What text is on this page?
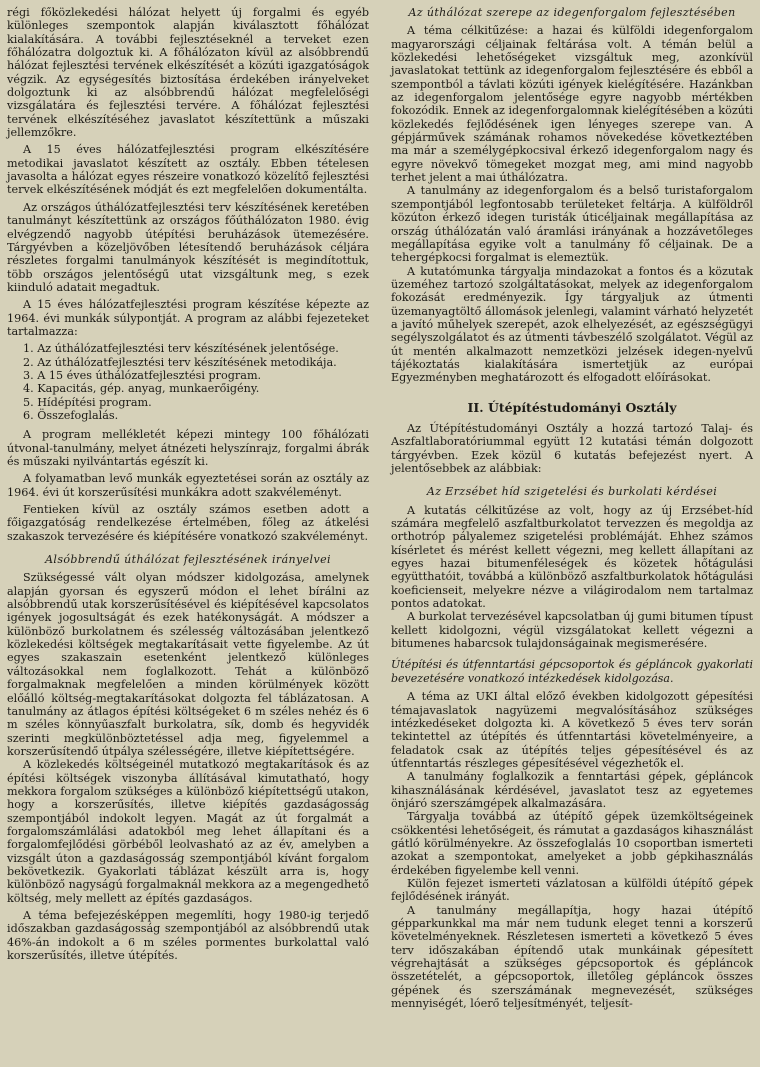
régi főközlekedési hálózat helyett új forgalmi és egyéb különleges szempontok alapján kiválasztott főhálózat kialakítására. A további fejlesztéseknél a terveket ezen főhálózatra dolgoztuk ki. A főhálózaton kívül az alsóbbrendű hálózat fejlesztési tervének elkészítését a közúti igazgatóságok végzik. Az egységesítés biztosítása érdekében irányelveket dolgoztunk ki az alsóbbrendű hálózat megfelelőségi vizsgálatára és fejlesztési tervére. A főhálózat fejlesztési tervének elkészítéséhez javaslatot készítettünk a műszaki jellemzőkre.

A 15 éves hálózatfejlesztési program elkészítésére metodikai javaslatot készített az osztály. Ebben tételesen javasolta a hálózat egyes részeire vonatkozó közelítő fejlesztési tervek elkészítésének módját és ezt megfelelően dokumentálta.

Az országos úthálózatfejlesztési terv készítésének keretében tanulmányt készítettünk az országos főúthálózaton 1980. évig elvégzendő nagyobb útépítési beruházások ütemezésére. Tárgyévben a közeljövőben létesítendő beruházások céljára részletes forgalmi tanulmányok készítését is megindítottuk, több országos jelentőségű utat vizsgáltunk meg, s ezek kiinduló adatait megadtuk.

A 15 éves hálózatfejlesztési program készítése képezte az 1964. évi munkák súlypontját. A program az alábbi fejezeteket tartalmazza:

1. Az úthálózatfejlesztési terv készítésének jelentősége.
2. Az úthálózatfejlesztési terv készítésének metodikája.
3. A 15 éves úthálózatfejlesztési program.
4. Kapacitás, gép. anyag, munkaerőigény.
5. Hídépítési program.
6. Összefoglalás.

A program mellékletét képezi mintegy 100 főhálózati útvonal-tanulmány, melyet átnézeti helyszínrajz, forgalmi ábrák és műszaki nyilvántartás egészít ki.

A folyamatban levő munkák egyeztetései során az osztály az 1964. évi út korszerűsítési munkákra adott szakvéleményt.

Fentieken kívül az osztály számos esetben adott a főigazgatóság rendelkezése értelmében, főleg az átkelési szakaszok tervezésére és kiépítésére vonatkozó szakvéleményt.

Alsóbbrendű úthálózat fejlesztésének irányelvei

Szükségessé vált olyan módszer kidolgozása, amelynek alapján gyorsan és egyszerű módon el lehet bírálni az alsóbbrendű utak korszerűsítésével és kiépítésével kapcsolatos igények jogosultságát és ezek hatékonyságát. A módszer a különböző burkolatnem és szélesség változásában jelentkező közlekedési költségek megtakarításait vette figyelembe. Az út egyes szakaszain esetenként jelentkező különleges változásokkal nem foglalkozott. Tehát a különböző forgalmaknak megfelelően a minden körülmények között előálló költség-megtakarításokat dolgozta fel táblázatosan. A tanulmány az átlagos építési költségeket 6 m széles nehéz és 6 m széles könnyűaszfalt burkolatra, sík, domb és hegyvidék szerinti megkülönböztetéssel adja meg, figyelemmel a korszerűsítendő útpálya szélességére, illetve kiépítettségére.

A közlekedés költségeinél mutatkozó megtakarítások és az építési költségek viszonyba állításával kimutatható, hogy mekkora forgalom szükséges a különböző kiépítettségű utakon, hogy a korszerűsítés, illetve kiépítés gazdaságosság szempontjából indokolt legyen. Magát az út forgalmát a forgalomszámlálási adatokból meg lehet állapítani és a forgalomfejlődési görbéből leolvasható az az év, amelyben a vizsgált úton a gazdaságosság szempontjából kívánt forgalom bekövetkezik. Gyakorlati táblázat készült arra is, hogy különböző nagyságú forgalmaknál mekkora az a megengedhető költség, mely mellett az építés gazdaságos.

A téma befejezésképpen megemlíti, hogy 1980-ig terjedő időszakban gazdaságosság szempontjából az alsóbbrendű utak 46%-án indokolt a 6 m széles pormentes burkolattal való korszerűsítés, illetve útépítés.

Az úthálózat szerepe az idegenforgalom fejlesztésében

A téma célkitűzése: a hazai és külföldi idegenforgalom magyarországi céljainak feltárása volt. A témán belül a közlekedési lehetőségeket vizsgáltuk meg, azonkívül javaslatokat tettünk az idegenforgalom fejlesztésére és ebből a szempontból a távlati közúti igények kielégítésére. Hazánkban az idegenforgalom jelentősége egyre nagyobb mértékben fokozódik. Ennek az idegenforgalomnak kielégítésében a közúti közlekedés fejlődésének igen lényeges szerepe van. A gépjárművek számának rohamos növekedése következtében ma már a személygépkocsival érkező idegenforgalom nagy és egyre növekvő tömegeket mozgat meg, ami mind nagyobb terhet jelent a mai úthálózatra.

A tanulmány az idegenforgalom és a belső turistaforgalom szempontjából legfontosabb területeket feltárja. A külföldről közúton érkező idegen turisták úticéljainak megállapítása az ország úthálózatán való áramlási irányának a hozzávetőleges megállapítása egyike volt a tanulmány fő céljainak. De a tehergépkocsi forgalmat is elemeztük.

A kutatómunka tárgyalja mindazokat a fontos és a közutak üzeméhez tartozó szolgáltatásokat, melyek az idegenforgalom fokozását eredményezik. Így tárgyaljuk az útmenti üzemanyagtöltő állomások jelenlegi, valamint várható helyzetét a javító műhelyek szerepét, azok elhelyezését, az egészségügyi segélyszolgálatot és az útmenti távbeszélő szolgálatot. Végül az út mentén alkalmazott nemzetközi jelzések idegen-nyelvű tájékoztatás kialakítására ismertetjük az európai Egyezményben meghatározott és elfogadott előírásokat.

II. Útépítéstudományi Osztály

Az Útépítéstudományi Osztály a hozzá tartozó Talaj- és Aszfaltlaboratóriummal együtt 12 kutatási témán dolgozott tárgyévben. Ezek közül 6 kutatás befejezést nyert. A jelentősebbek az alábbiak:

Az Erzsébet híd szigetelési és burkolati kérdései

A kutatás célkitűzése az volt, hogy az új Erzsébet-híd számára megfelelő aszfaltburkolatot tervezzen és megoldja az orthotróp pályalemez szigetelési problémáját. Ehhez számos kísérletet és mérést kellett végezni, meg kellett állapítani az egyes hazai bitumenféleségek és közetek hőtágulási együtthatóit, továbbá a különböző aszfaltburkolatok hőtágulási koeficienseit, melyekre nézve a világirodalom nem tartalmaz pontos adatokat.

A burkolat tervezésével kapcsolatban új gumi bitumen típust kellett kidolgozni, végül vizsgálatokat kellett végezni a bitumenes habarcsok tulajdonságainak megismerésére.

Útépítési és útfenntartási gépcsoportok és gépláncok gyakorlati bevezetésére vonatkozó intézkedések kidolgozása.

A téma az UKI által előző években kidolgozott gépesítési témajavaslatok nagyüzemi megvalósításához szükséges intézkedéseket dolgozta ki. A következő 5 éves terv során tekintettel az útépítés és útfenntartási követelményeire, a feladatok csak az útépítés teljes gépesítésével és az útfenntartás részleges gépesítésével végezhetők el.

A tanulmány foglalkozik a fenntartási gépek, gépláncok kihasználásának kérdésével, javaslatot tesz az egyetemes önjáró szerszámgépek alkalmazására.

Tárgyalja továbbá az útépítő gépek üzemköltségeinek csökkentési lehetőségeit, és rámutat a gazdaságos kihasználást gátló körülményekre. Az összefoglalás 10 csoportban ismerteti azokat a szempontokat, amelyeket a jobb gépkihasználás érdekében figyelembe kell venni.

Külön fejezet ismerteti vázlatosan a külföldi útépítő gépek fejlődésének irányát.

A tanulmány megállapítja, hogy hazai útépítő gépparkunkkal ma már nem tudunk eleget tenni a korszerű követelményeknek. Részletesen ismerteti a következő 5 éves terv időszakában építendő utak munkáinak gépesített végrehajtását a szükséges gépcsoportok és gépláncok összetételét, a gépcsoportok, illetőleg gépláncok összes gépének és szerszámának megnevezését, szükséges mennyiségét, lóerő teljesítményét, teljesít-
